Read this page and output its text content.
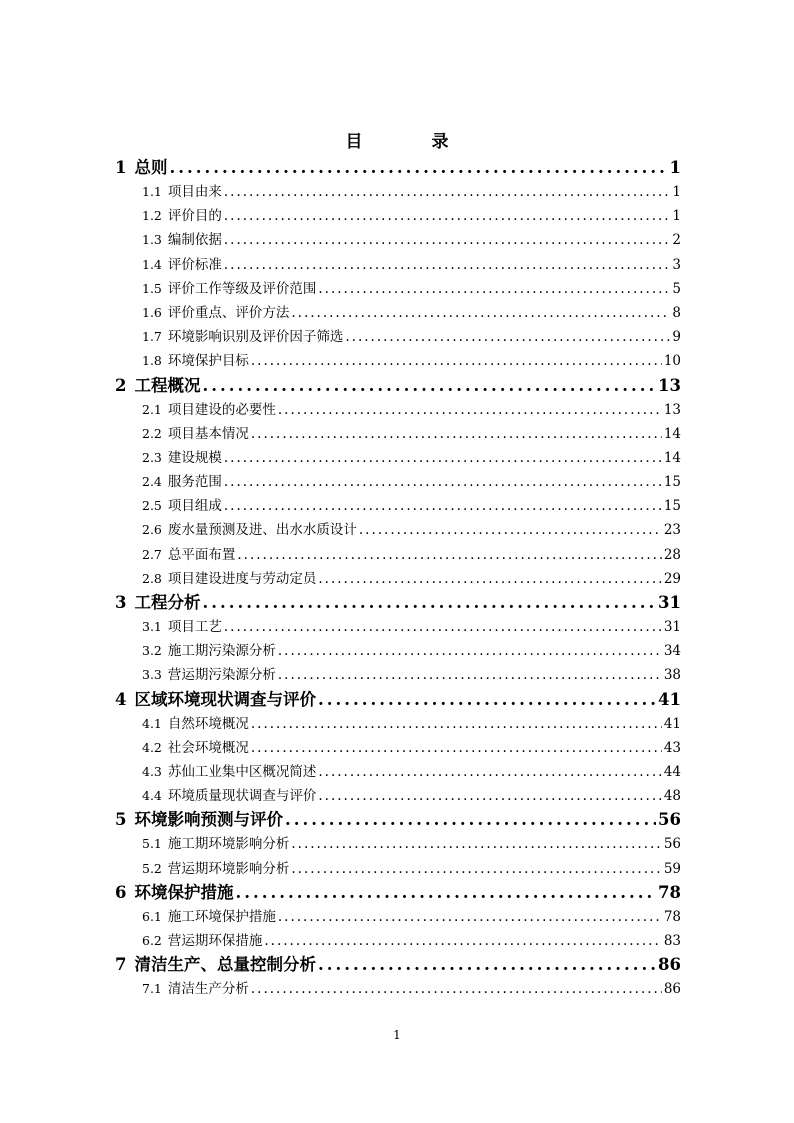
目　录
1 总则 .....	1
1.1 项目由来 .....	1
1.2 评价目的 .....	1
1.3 编制依据 .....	2
1.4 评价标准 .....	3
1.5 评价工作等级及评价范围 .....	5
1.6 评价重点、评价方法 .....	8
1.7 环境影响识别及评价因子筛选 .....	9
1.8 环境保护目标 .....	10
2 工程概况 .....	13
2.1 项目建设的必要性 .....	13
2.2 项目基本情况 .....	14
2.3 建设规模 .....	14
2.4 服务范围 .....	15
2.5 项目组成 .....	15
2.6 废水量预测及进、出水水质设计 .....	23
2.7 总平面布置 .....	28
2.8 项目建设进度与劳动定员 .....	29
3 工程分析 .....	31
3.1 项目工艺 .....	31
3.2 施工期污染源分析 .....	34
3.3 营运期污染源分析 .....	38
4 区域环境现状调查与评价 .....	41
4.1 自然环境概况 .....	41
4.2 社会环境概况 .....	43
4.3 苏仙工业集中区概况简述 .....	44
4.4 环境质量现状调查与评价 .....	48
5 环境影响预测与评价 .....	56
5.1 施工期环境影响分析 .....	56
5.2 营运期环境影响分析 .....	59
6 环境保护措施 .....	78
6.1 施工环境保护措施 .....	78
6.2 营运期环保措施 .....	83
7 清洁生产、总量控制分析 .....	86
7.1 清洁生产分析 .....	86
1
